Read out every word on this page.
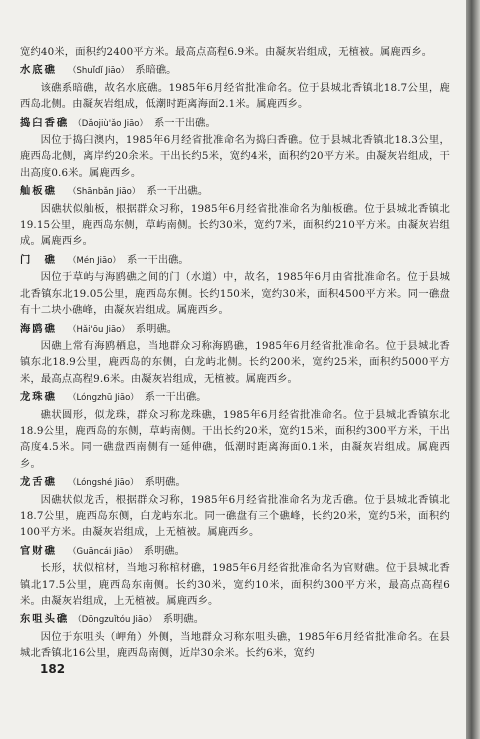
宽约40米，面积约2400平方米。最高点高程6.9米。由凝灰岩组成，无植被。属鹿西乡。

水底礁 （Shuǐdǐ Jiāo） 系暗礁。

该礁系暗礁，故名水底礁。1985年6月经省批准命名。位于县城北香镇北18.7公里，鹿西岛北侧。由凝灰岩组成，低潮时距离海面2.1米。属鹿西乡。

捣臼香礁 （Dǎojiù'ǎo Jiāo） 系一干出礁。

因位于捣臼澳内，1985年6月经省批准命名为捣臼香礁。位于县城北香镇北18.3公里，鹿西岛北侧，离岸约20余米。干出长约5米，宽约4米，面积约20平方米。由凝灰岩组成，干出高度0.6米。属鹿西乡。

舢板礁 （Shānbǎn Jiāo） 系一干出礁。

因礁状似舢板，根据群众习称，1985年6月经省批准命名为舢板礁。位于县城北香镇北19.15公里，鹿西岛东侧，草屿南侧。长约30米，宽约7米，面积约210平方米。由凝灰岩组成。属鹿西乡。

门　礁 （Mén Jiāo） 系一干出礁。

因位于草屿与海鸥礁之间的门（水道）中，故名，1985年6月由省批准命名。位于县城北香镇东北19.05公里，鹿西岛东侧。长约150米，宽约30米，面积4500平方米。同一礁盘有十二块小礁峰，由凝灰岩组成。属鹿西乡。

海鸥礁 （Hǎi'ōu Jiāo） 系明礁。

因礁上常有海鸥栖息，当地群众习称海鸥礁，1985年6月经省批准命名。位于县城北香镇东北18.9公里，鹿西岛的东侧，白龙屿北侧。长约200米，宽约25米，面积约5000平方米，最高点高程9.6米。由凝灰岩组成，无植被。属鹿西乡。

龙珠礁 （Lóngzhū Jiāo） 系一干出礁。

礁状圆形，似龙珠，群众习称龙珠礁，1985年6月经省批准命名。位于县城北香镇东北18.9公里，鹿西岛的东侧，草屿南侧。干出长约20米，宽约15米，面积约300平方米，干出高度4.5米。同一礁盘西南侧有一延伸礁，低潮时距离海面0.1米，由凝灰岩组成。属鹿西乡。

龙舌礁 （Lóngshé Jiāo） 系明礁。

因礁状似龙舌，根据群众习称，1985年6月经省批准命名为龙舌礁。位于县城北香镇北18.7公里，鹿西岛东侧，白龙屿东北。同一礁盘有三个礁峰，长约20米，宽约5米，面积约100平方米。由凝灰岩组成，上无植被。属鹿西乡。

官财礁 （Guāncái Jiāo） 系明礁。

长形，状似棺材，当地习称棺材礁，1985年6月经省批准命名为官财礁。位于县城北香镇北17.5公里，鹿西岛东南侧。长约30米，宽约10米，面积约300平方米，最高点高程6米。由凝灰岩组成，上无植被。属鹿西乡。

东咀头礁 （Dōngzuǐtóu Jiāo） 系明礁。

因位于东咀头（岬角）外侧，当地群众习称东咀头礁，1985年6月经省批准命名。在县城北香镇北16公里，鹿西岛南侧，近岸30余米。长约6米，宽约

182
